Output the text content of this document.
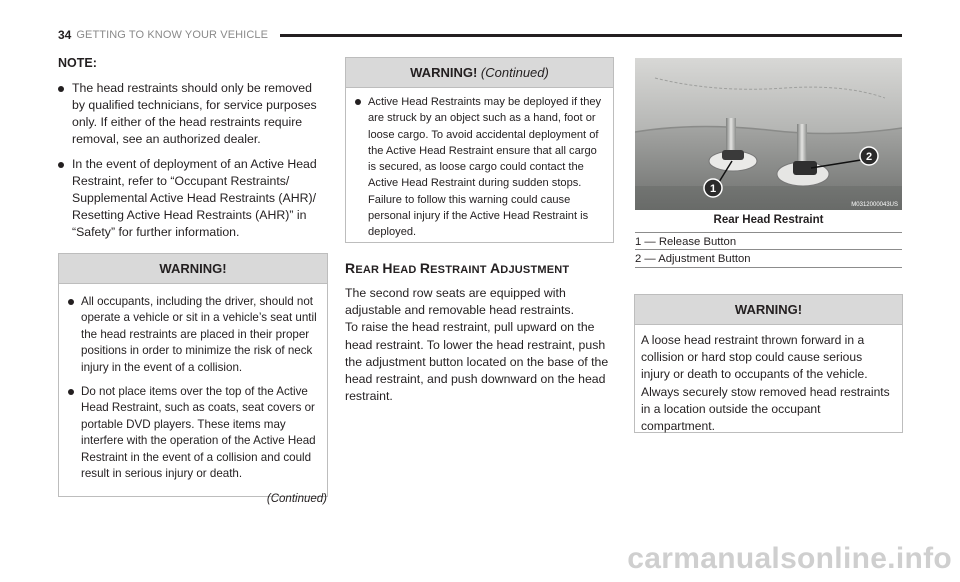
34 GETTING TO KNOW YOUR VEHICLE
NOTE:
The head restraints should only be removed by qualified technicians, for service purposes only. If either of the head restraints require removal, see an authorized dealer.
In the event of deployment of an Active Head Restraint, refer to “Occupant Restraints/ Supplemental Active Head Restraints (AHR)/ Resetting Active Head Restraints (AHR)” in “Safety” for further information.
WARNING!
All occupants, including the driver, should not operate a vehicle or sit in a vehicle’s seat until the head restraints are placed in their proper positions in order to minimize the risk of neck injury in the event of a collision.
Do not place items over the top of the Active Head Restraint, such as coats, seat covers or portable DVD players. These items may interfere with the operation of the Active Head Restraint in the event of a collision and could result in serious injury or death.
(Continued)
WARNING! (Continued)
Active Head Restraints may be deployed if they are struck by an object such as a hand, foot or loose cargo. To avoid accidental deployment of the Active Head Restraint ensure that all cargo is secured, as loose cargo could contact the Active Head Restraint during sudden stops. Failure to follow this warning could cause personal injury if the Active Head Restraint is deployed.
REAR HEAD RESTRAINT ADJUSTMENT

The second row seats are equipped with adjustable and removable head restraints.

To raise the head restraint, pull upward on the head restraint. To lower the head restraint, push the adjustment button located on the base of the head restraint, and push downward on the head restraint.

1
2
M0312000043US
Rear Head Restraint
1 — Release Button
2 — Adjustment Button
WARNING!
A loose head restraint thrown forward in a collision or hard stop could cause serious injury or death to occupants of the vehicle. Always securely stow removed head restraints in a location outside the occupant compartment.
carmanualsonline.info
